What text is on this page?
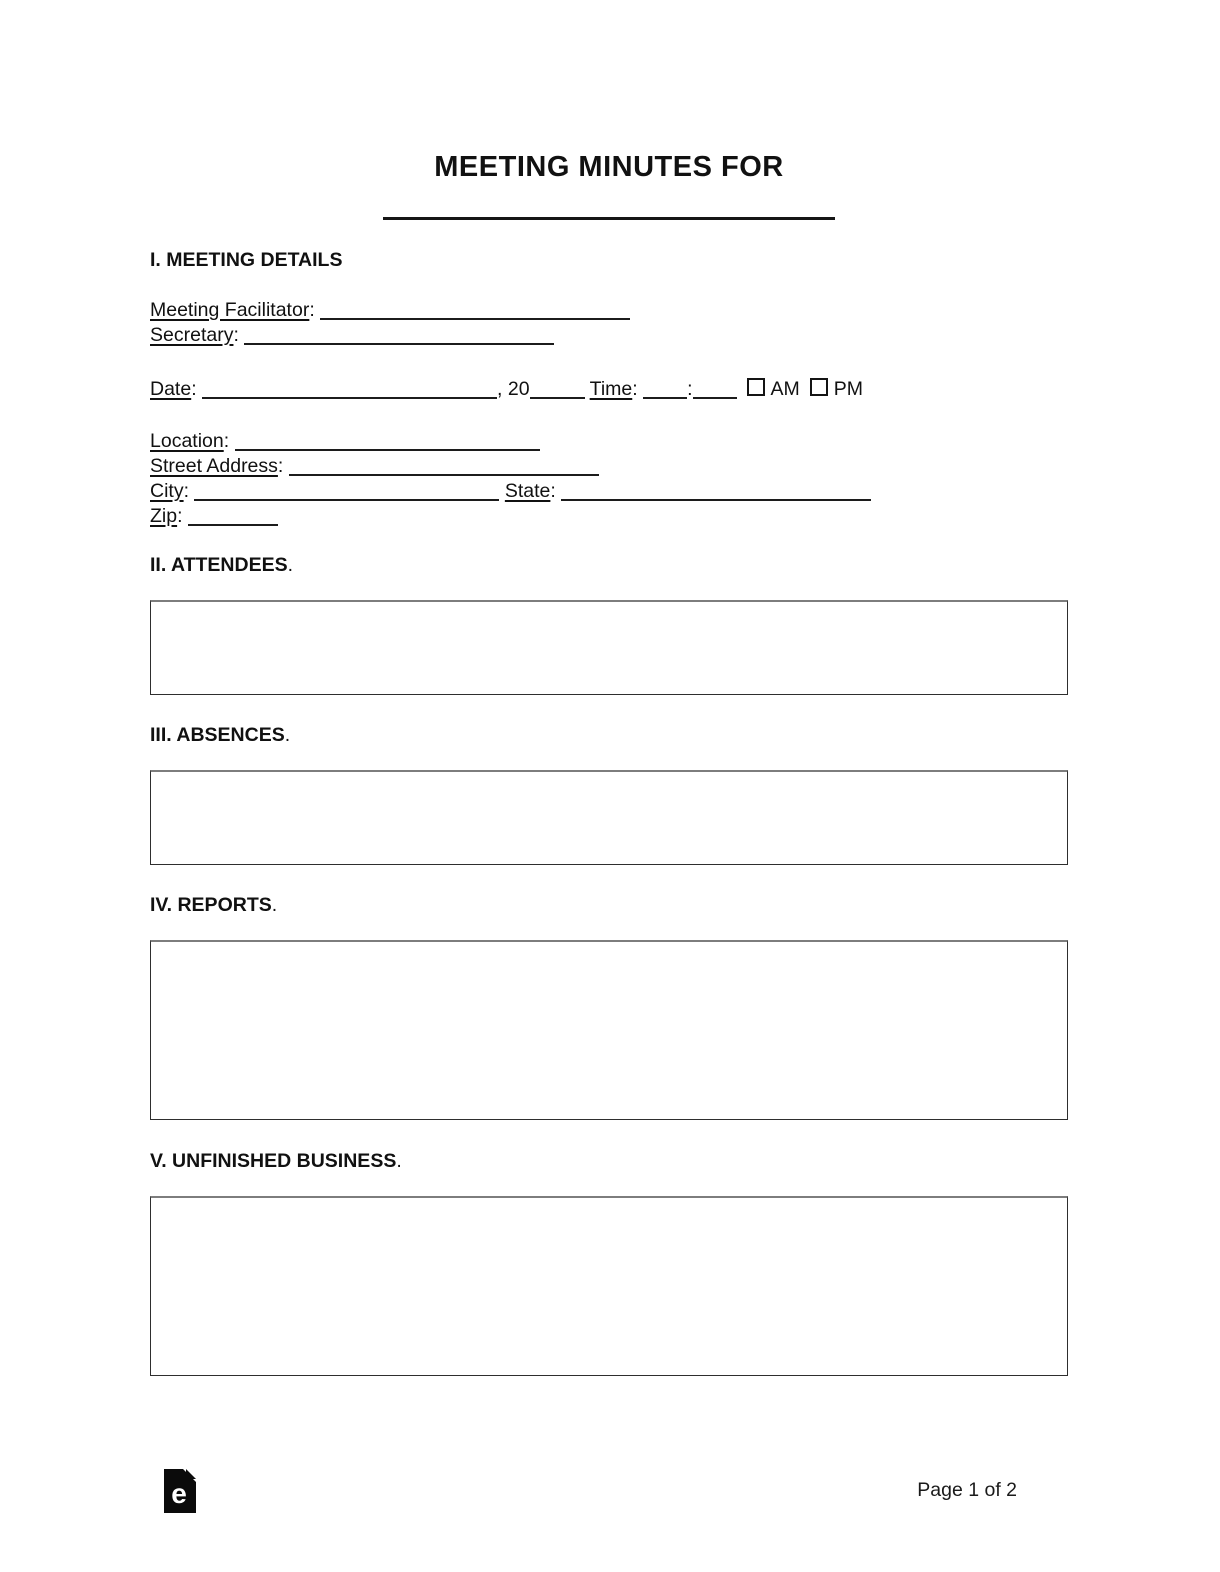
MEETING MINUTES FOR
I. MEETING DETAILS

Meeting Facilitator:

Secretary:

Date:	, 20	Time:	:	AM PM

Location:

Street Address:

City:	State:

Zip:

II. ATTENDEES.
III. ABSENCES.
IV. REPORTS.
V. UNFINISHED BUSINESS.
e	Page 1 of 2
